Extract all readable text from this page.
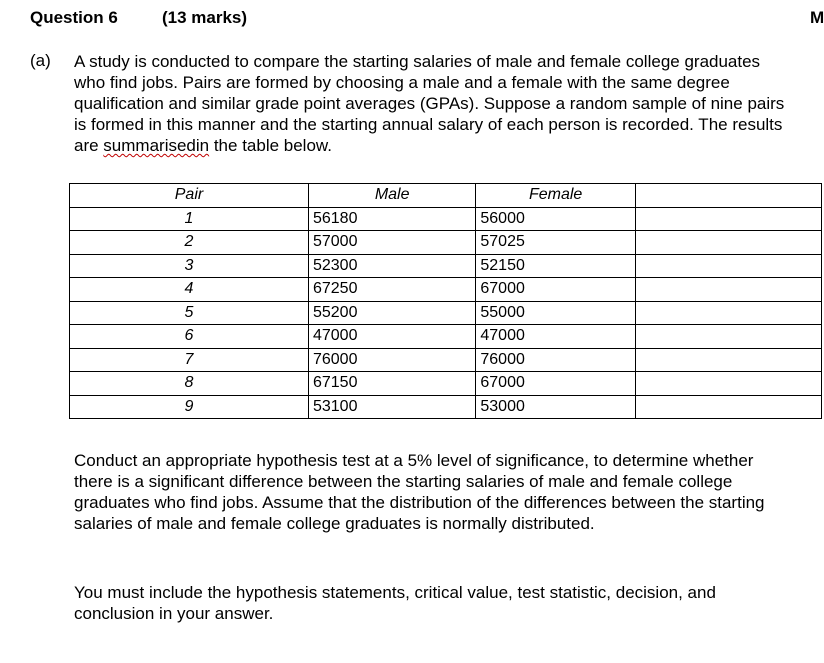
Question 6	(13 marks)	M
(a) A study is conducted to compare the starting salaries of male and female college graduates who find jobs. Pairs are formed by choosing a male and a female with the same degree qualification and similar grade point averages (GPAs). Suppose a random sample of nine pairs is formed in this manner and the starting annual salary of each person is recorded. The results are summarisedin the table below.

Pair	Male	Female	
1	56180	56000	
2	57000	57025	
3	52300	52150	
4	67250	67000	
5	55200	55000	
6	47000	47000	
7	76000	76000	
8	67150	67000	
9	53100	53000	

Conduct an appropriate hypothesis test at a 5% level of significance, to determine whether there is a significant difference between the starting salaries of male and female college graduates who find jobs. Assume that the distribution of the differences between the starting salaries of male and female college graduates is normally distributed.

You must include the hypothesis statements, critical value, test statistic, decision, and conclusion in your answer.
